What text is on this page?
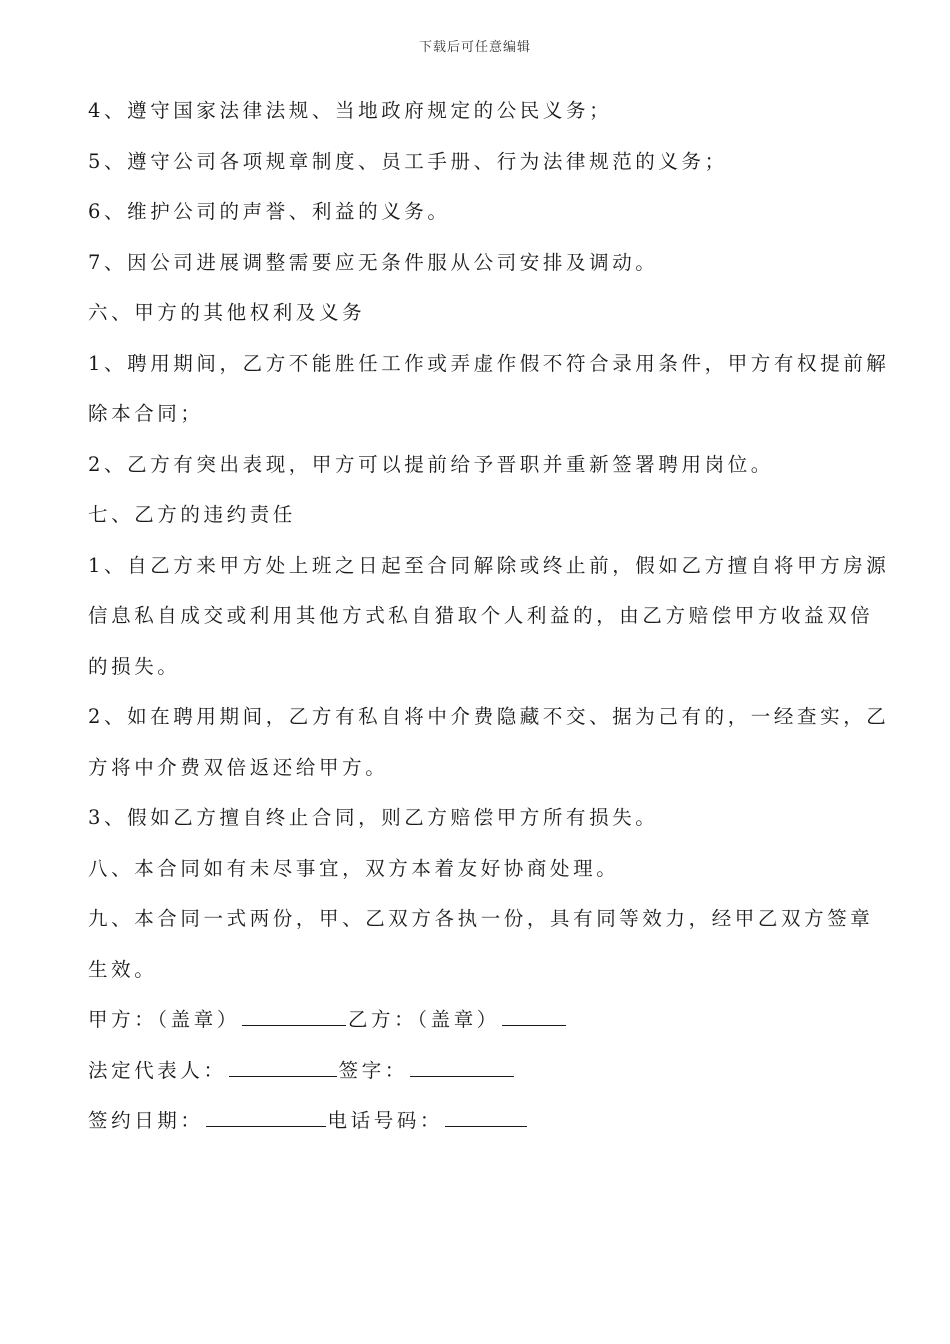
下载后可任意编辑
4、遵守国家法律法规、当地政府规定的公民义务；
5、遵守公司各项规章制度、员工手册、行为法律规范的义务；
6、维护公司的声誉、利益的义务。
7、因公司进展调整需要应无条件服从公司安排及调动。
六、甲方的其他权利及义务
1、聘用期间，乙方不能胜任工作或弄虚作假不符合录用条件，甲方有权提前解
除本合同；
2、乙方有突出表现，甲方可以提前给予晋职并重新签署聘用岗位。
七、乙方的违约责任
1、自乙方来甲方处上班之日起至合同解除或终止前，假如乙方擅自将甲方房源
信息私自成交或利用其他方式私自猎取个人利益的，由乙方赔偿甲方收益双倍
的损失。
2、如在聘用期间，乙方有私自将中介费隐藏不交、据为己有的，一经查实，乙
方将中介费双倍返还给甲方。
3、假如乙方擅自终止合同，则乙方赔偿甲方所有损失。
八、本合同如有未尽事宜，双方本着友好协商处理。
九、本合同一式两份，甲、乙双方各执一份，具有同等效力，经甲乙双方签章
生效。
甲方：（盖章）	乙方：（盖章）
法定代表人：	签字：
签约日期：	电话号码：
